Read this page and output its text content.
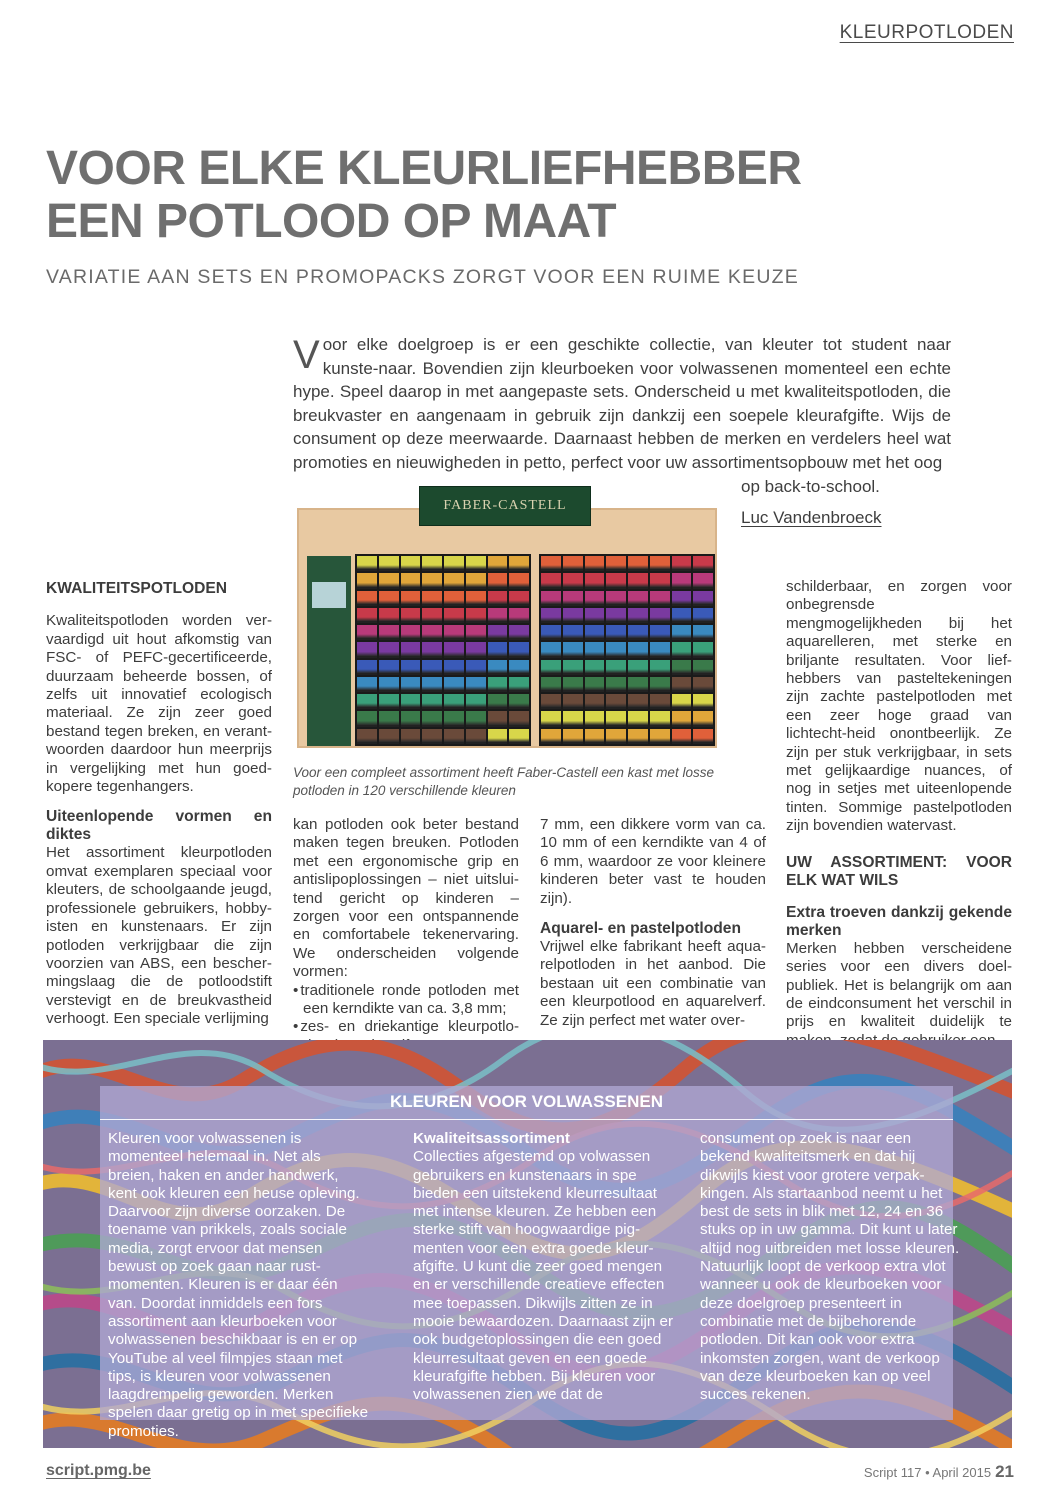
KLEURPOTLODEN
VOOR ELKE KLEURLIEFHEBBER
EEN POTLOOD OP MAAT
VARIATIE AAN SETS EN PROMOPACKS ZORGT VOOR EEN RUIME KEUZE
Voor elke doelgroep is er een geschikte collectie, van kleuter tot student naar kunste-naar. Bovendien zijn kleurboeken voor volwassenen momenteel een echte hype. Speel daarop in met aangepaste sets. Onderscheid u met kwaliteitspotloden, die breukvaster en aangenaam in gebruik zijn dankzij een soepele kleurafgifte. Wijs de consument op deze meerwaarde. Daarnaast hebben de merken en verdelers heel wat promoties en nieuwigheden in petto, perfect voor uw assortimentsopbouw met het oog
op back-to-school.
Luc Vandenbroeck
FABER-CASTELL
Voor een compleet assortiment heeft Faber-Castell een kast met losse potloden in 120 verschillende kleuren
KWALITEITSPOTLODEN

Kwaliteitspotloden worden ver-vaardigd uit hout afkomstig van FSC- of PEFC-gecertificeerde, duurzaam beheerde bossen, of zelfs uit innovatief ecologisch materiaal. Ze zijn zeer goed bestand tegen breken, en verant-woorden daardoor hun meerprijs in vergelijking met hun goed-kopere tegenhangers.

Uiteenlopende vormen en diktes

Het assortiment kleurpotloden omvat exemplaren speciaal voor kleuters, de schoolgaande jeugd, professionele gebruikers, hobby-isten en kunstenaars. Er zijn potloden verkrijgbaar die zijn voorzien van ABS, een bescher-mingslaag die de potloodstift verstevigt en de breukvastheid verhoogt. Een speciale verlijming

kan potloden ook beter bestand maken tegen breuken. Potloden met een ergonomische grip en antislipoplossingen – niet uitslui-tend gericht op kinderen – zorgen voor een ontspannende en comfortabele tekenervaring. We onderscheiden volgende vormen:

• traditionele ronde potloden met een kerndikte van ca. 3,8 mm;
• zes- en driekantige kleurpotlo-

7 mm, een dikkere vorm van ca. 10 mm of een kerndikte van 4 of 6 mm, waardoor ze voor kleinere kinderen beter vast te houden zijn).

Aquarel- en pastelpotloden

Vrijwel elke fabrikant heeft aqua-relpotloden in het aanbod. Die bestaan uit een combinatie van een kleurpotlood en aquarelverf. Ze zijn perfect met water over-

schilderbaar, en zorgen voor onbegrensde mengmogelijkheden bij het aquarelleren, met sterke en briljante resultaten. Voor lief-hebbers van pasteltekeningen zijn zachte pastelpotloden met een zeer hoge graad van lichtecht-heid onontbeerlijk. Ze zijn per stuk verkrijgbaar, in sets met gelijkaardige nuances, of nog in setjes met uiteenlopende tinten. Sommige pastelpotloden zijn bovendien watervast.

UW ASSORTIMENT: VOOR ELK WAT WILS
Extra troeven dankzij gekende merken

Merken hebben verscheidene series voor een divers doel-publiek. Het is belangrijk om aan de eindconsument het verschil in prijs en kwaliteit duidelijk te

KLEUREN VOOR VOLWASSENEN

Kleuren voor volwassenen is momenteel helemaal in. Net als breien, haken en ander handwerk, kent ook kleuren een heuse opleving. Daarvoor zijn diverse oorzaken. De toename van prikkels, zoals sociale media, zorgt ervoor dat mensen bewust op zoek gaan naar rust-momenten. Kleuren is er daar één van. Doordat inmiddels een fors assortiment aan kleurboeken voor volwassenen beschikbaar is en er op YouTube al veel filmpjes staan met tips, is kleuren voor volwassenen laagdrempelig geworden. Merken spelen daar gretig op in met specifieke promoties.

Kwaliteitsassortiment

Collecties afgestemd op volwassen gebruikers en kunstenaars in spe bieden een uitstekend kleurresultaat met intense kleuren. Ze hebben een sterke stift van hoogwaardige pig-menten voor een extra goede kleur-afgifte. U kunt die zeer goed mengen en er verschillende creatieve effecten mee toepassen. Dikwijls zitten ze in mooie bewaardozen. Daarnaast zijn er ook budgetoplossingen die een goed kleurresultaat geven en een goede kleurafgifte hebben. Bij kleuren voor volwassenen zien we dat de

consument op zoek is naar een bekend kwaliteitsmerk en dat hij dikwijls kiest voor grotere verpak-kingen. Als startaanbod neemt u het best de sets in blik met 12, 24 en 36 stuks op in uw gamma. Dit kunt u later altijd nog uitbreiden met losse kleuren. Natuurlijk loopt de verkoop extra vlot wanneer u ook de kleurboeken voor deze doelgroep presenteert in combinatie met de bijbehorende potloden. Dit kan ook voor extra inkomsten zorgen, want de verkoop van deze kleurboeken kan op veel succes rekenen.

script.pmg.be	Script 117 • April 2015 21
